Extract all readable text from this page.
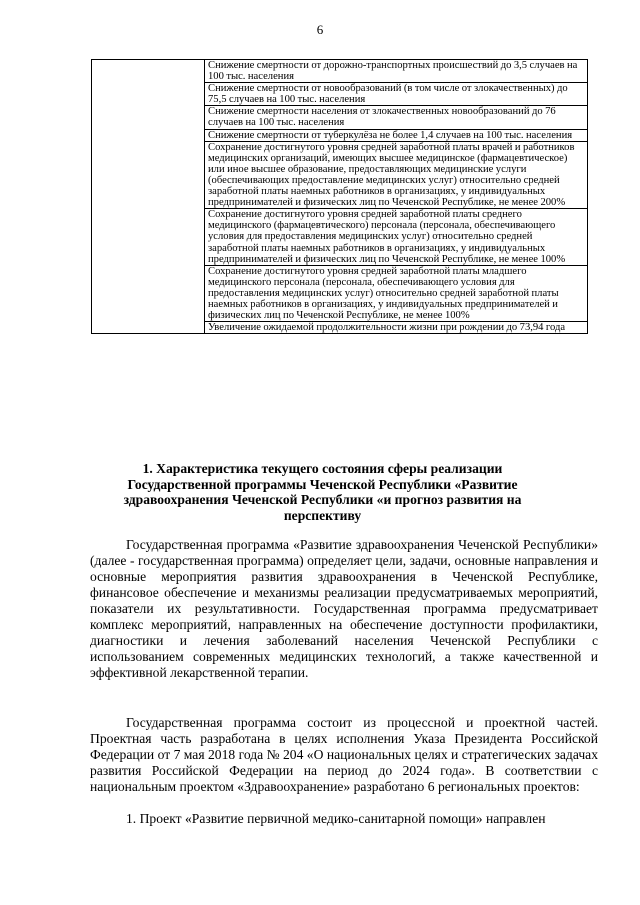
6

Снижение смертности от дорожно-транспортных происшествий до 3,5 случаев на 100 тыс. населения

Снижение смертности от новообразований (в том числе от злокачественных) до 75,5 случаев на 100 тыс. населения

Снижение смертности населения от злокачественных новообразований до 76 случаев на 100 тыс. населения

Снижение смертности от туберкулёза не более 1,4 случаев на 100 тыс. населения

Сохранение достигнутого уровня средней заработной платы врачей и работников медицинских организаций, имеющих высшее медицинское (фармацевтическое) или иное высшее образование, предоставляющих медицинские услуги (обеспечивающих предоставление медицинских услуг) относительно средней заработной платы наемных работников в организациях, у индивидуальных предпринимателей и физических лиц по Чеченской Республике, не менее 200%

Сохранение достигнутого уровня средней заработной платы среднего медицинского (фармацевтического) персонала (персонала, обеспечивающего условия для предоставления медицинских услуг) относительно средней заработной платы наемных работников в организациях, у индивидуальных предпринимателей и физических лиц по Чеченской Республике, не менее 100%

Сохранение достигнутого уровня средней заработной платы младшего медицинского персонала (персонала, обеспечивающего условия для предоставления медицинских услуг) относительно средней заработной платы наемных работников в организациях, у индивидуальных предпринимателей и физических лиц по Чеченской Республике, не менее 100%

Увеличение ожидаемой продолжительности жизни при рождении до 73,94 года
1. Характеристика текущего состояния сферы реализации Государственной программы Чеченской Республики «Развитие здравоохранения Чеченской Республики «и прогноз развития на перспективу

Государственная программа «Развитие здравоохранения Чеченской Республики» (далее - государственная программа) определяет цели, задачи, основные направления и основные мероприятия развития здравоохранения в Чеченской Республике, финансовое обеспечение и механизмы реализации предусматриваемых мероприятий, показатели их результативности. Государственная программа предусматривает комплекс мероприятий, направленных на обеспечение доступности профилактики, диагностики и лечения заболеваний населения Чеченской Республики с использованием современных медицинских технологий, а также качественной и эффективной лекарственной терапии.

Государственная программа состоит из процессной и проектной частей. Проектная часть разработана в целях исполнения Указа Президента Российской Федерации от 7 мая 2018 года № 204 «О национальных целях и стратегических задачах развития Российской Федерации на период до 2024 года». В соответствии с национальным проектом «Здравоохранение» разработано 6 региональных проектов:

1. Проект «Развитие первичной медико-санитарной помощи» направлен
